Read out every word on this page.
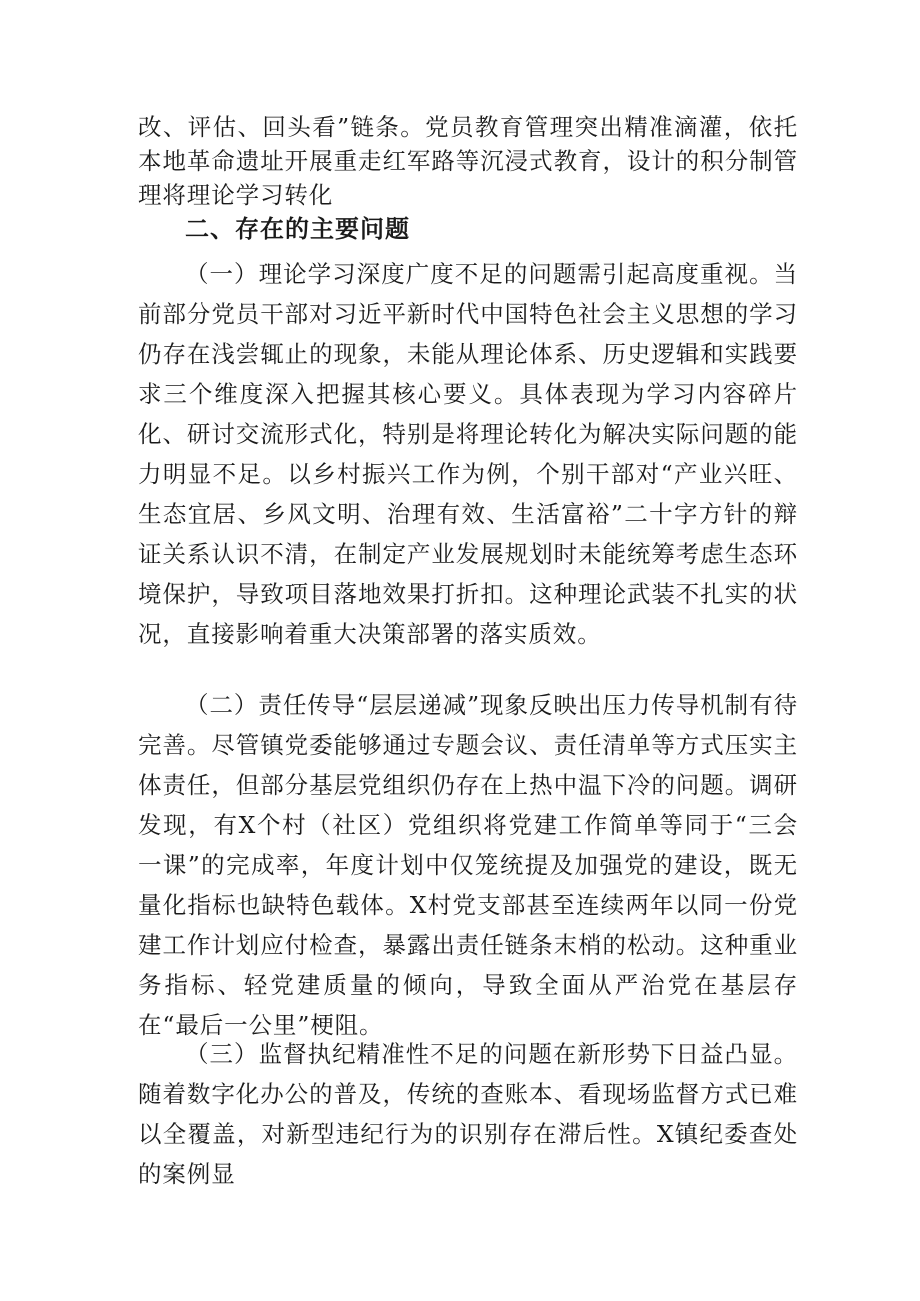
改、评估、回头看”链条。党员教育管理突出精准滴灌，依托本地革命遗址开展重走红军路等沉浸式教育，设计的积分制管理将理论学习转化

二、存在的主要问题

（一）理论学习深度广度不足的问题需引起高度重视。当前部分党员干部对习近平新时代中国特色社会主义思想的学习仍存在浅尝辄止的现象，未能从理论体系、历史逻辑和实践要求三个维度深入把握其核心要义。具体表现为学习内容碎片化、研讨交流形式化，特别是将理论转化为解决实际问题的能力明显不足。以乡村振兴工作为例，个别干部对“产业兴旺、生态宜居、乡风文明、治理有效、生活富裕”二十字方针的辩证关系认识不清，在制定产业发展规划时未能统筹考虑生态环境保护，导致项目落地效果打折扣。这种理论武装不扎实的状况，直接影响着重大决策部署的落实质效。

（二）责任传导“层层递减”现象反映出压力传导机制有待完善。尽管镇党委能够通过专题会议、责任清单等方式压实主体责任，但部分基层党组织仍存在上热中温下冷的问题。调研发现，有X个村（社区）党组织将党建工作简单等同于“三会一课”的完成率，年度计划中仅笼统提及加强党的建设，既无量化指标也缺特色载体。X村党支部甚至连续两年以同一份党建工作计划应付检查，暴露出责任链条末梢的松动。这种重业务指标、轻党建质量的倾向，导致全面从严治党在基层存在“最后一公里”梗阻。

（三）监督执纪精准性不足的问题在新形势下日益凸显。随着数字化办公的普及，传统的查账本、看现场监督方式已难以全覆盖，对新型违纪行为的识别存在滞后性。X镇纪委查处的案例显
